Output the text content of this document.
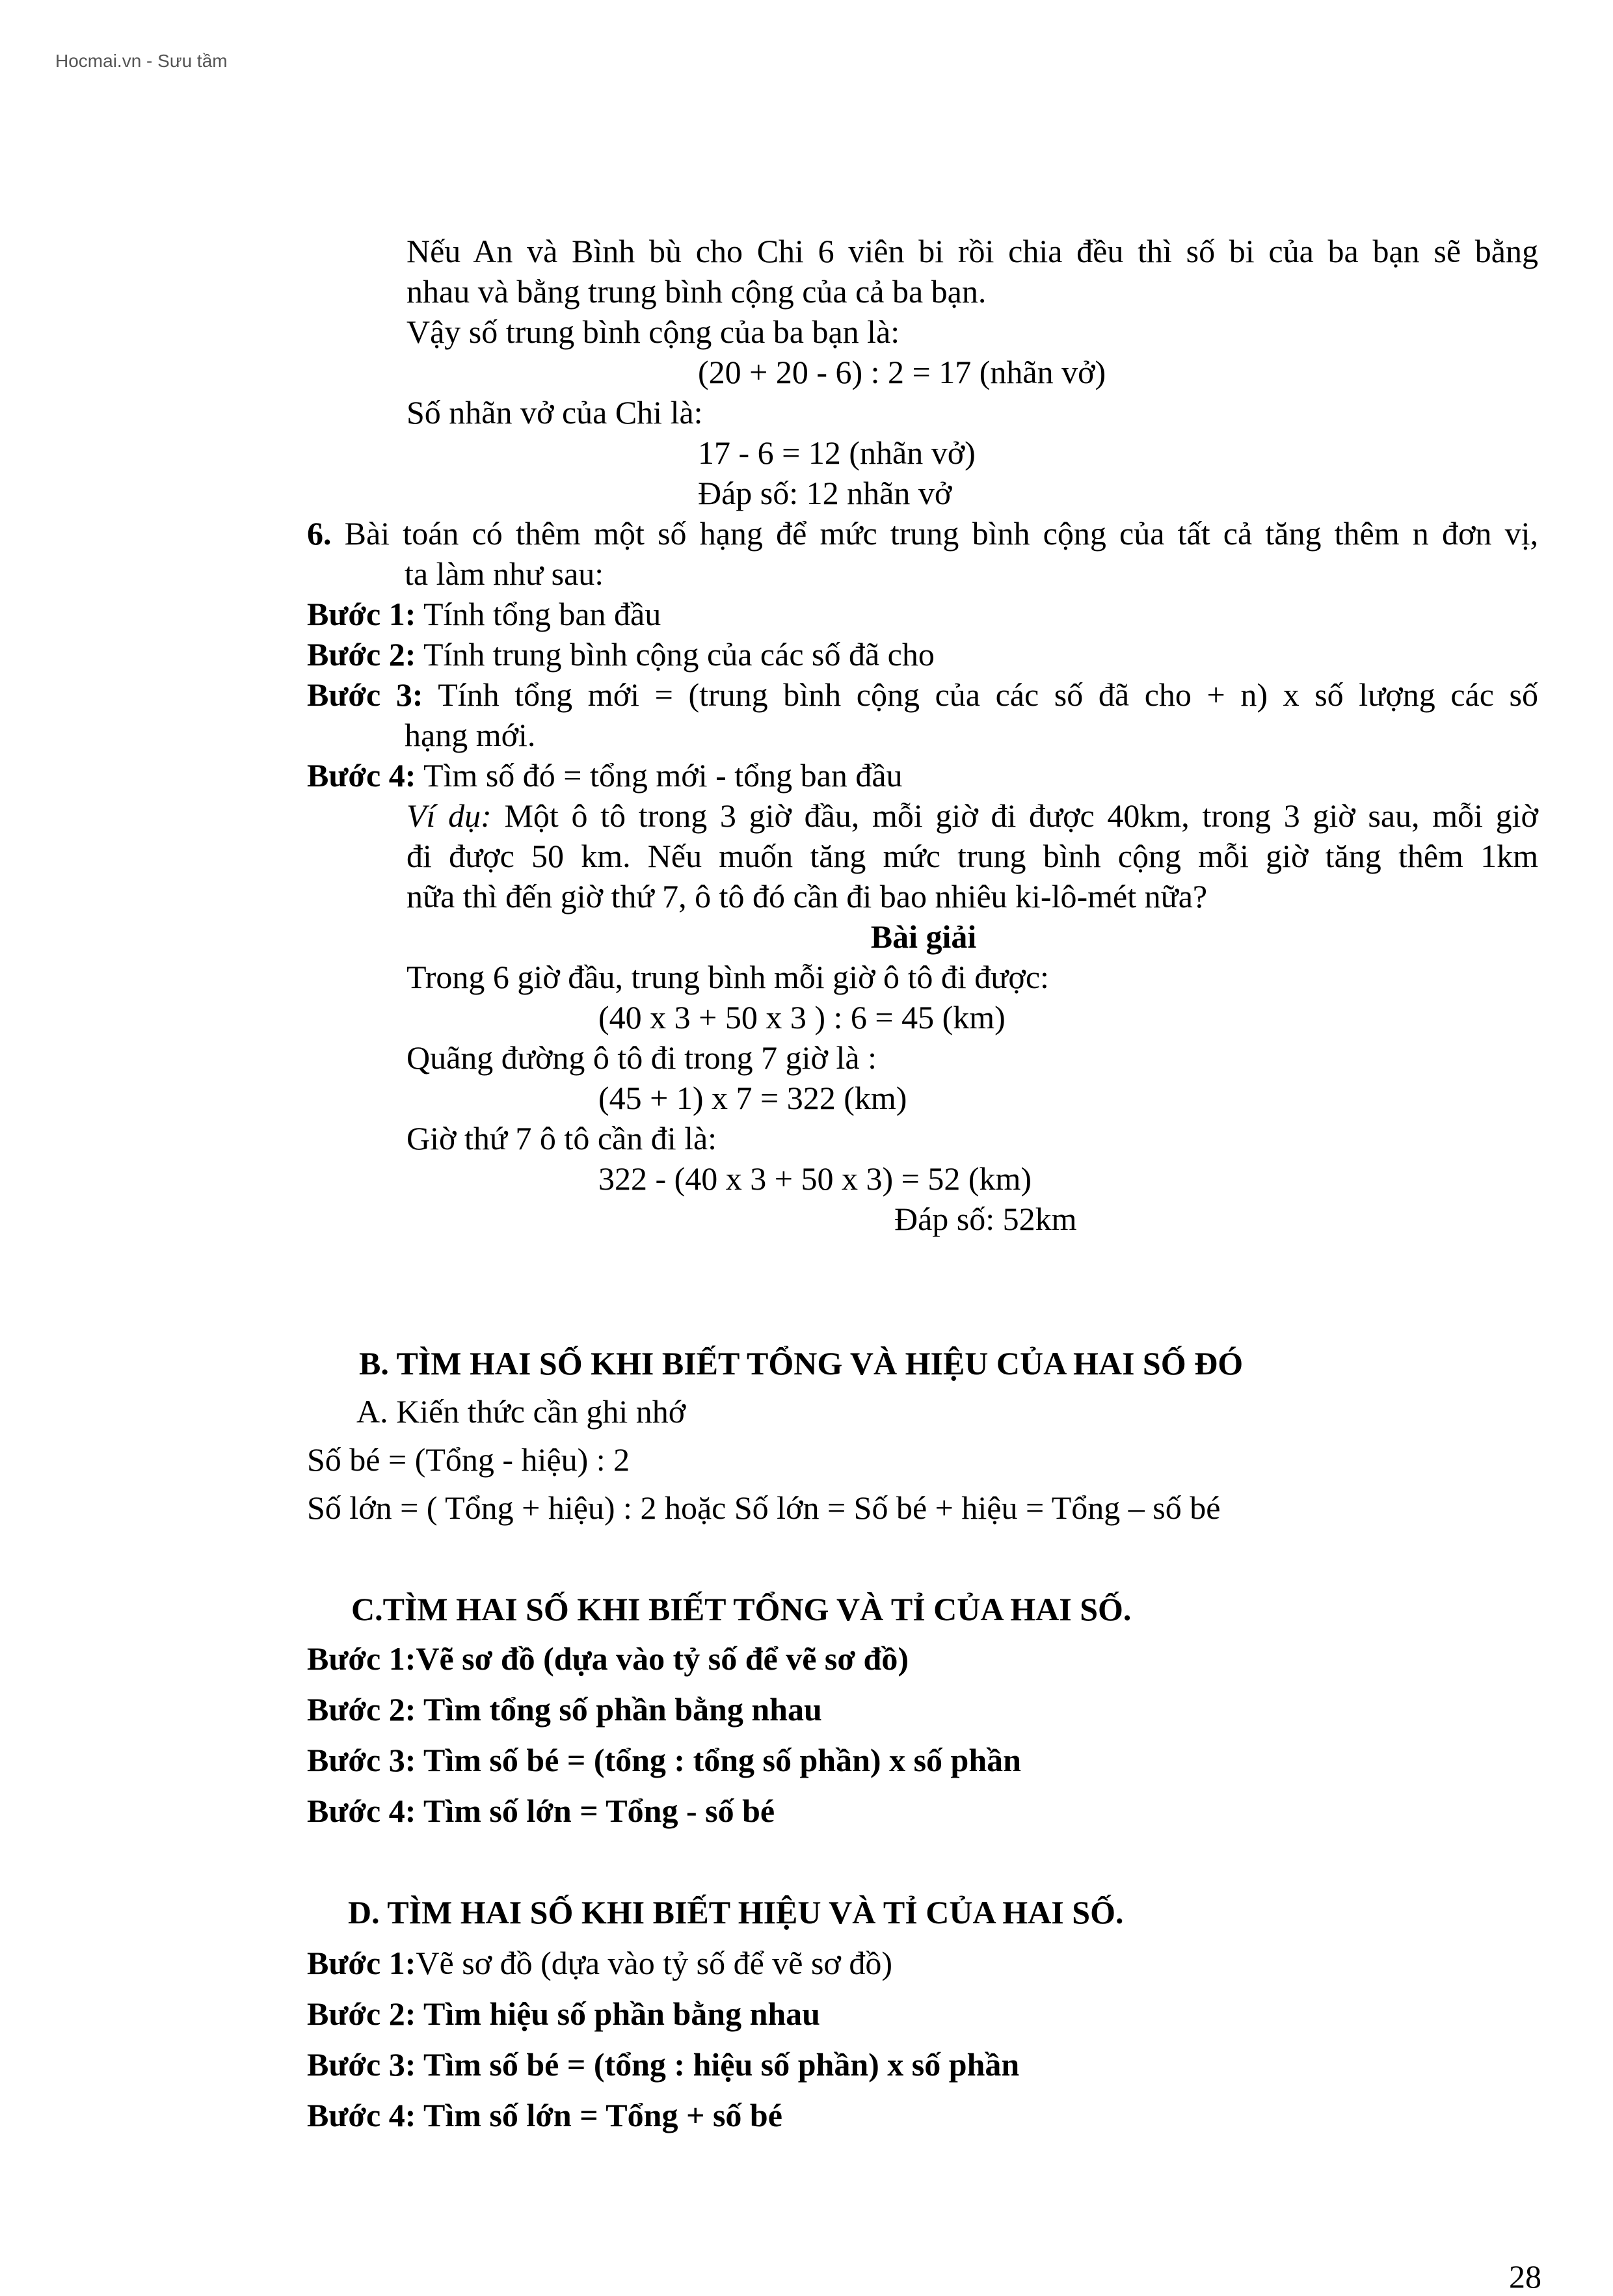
Hocmai.vn - Sưu tầm
Nếu An và Bình bù cho Chi 6 viên bi rồi chia đều thì số bi của ba bạn sẽ bằng
nhau và bằng trung bình cộng của cả ba bạn.
Vậy số trung bình cộng của ba bạn là:
(20 + 20 - 6) : 2 = 17 (nhãn vở)
Số nhãn vở của Chi là:
17 - 6 = 12 (nhãn vở)
Đáp số: 12 nhãn vở
6. Bài toán có thêm một số hạng để mức trung bình cộng của tất cả tăng thêm n đơn vị,
ta làm như sau:
Bước 1: Tính tổng ban đầu
Bước 2: Tính trung bình cộng của các số đã cho
Bước 3: Tính tổng mới = (trung bình cộng của các số đã cho + n) x số lượng các số
hạng mới.
Bước 4: Tìm số đó = tổng mới - tổng ban đầu
Ví dụ: Một ô tô trong 3 giờ đầu, mỗi giờ đi được 40km, trong 3 giờ sau, mỗi giờ
đi được 50 km. Nếu muốn tăng mức trung bình cộng mỗi giờ tăng thêm 1km
nữa thì đến giờ thứ 7, ô tô đó cần đi bao nhiêu ki-lô-mét nữa?
Bài giải
Trong 6 giờ đầu, trung bình mỗi giờ ô tô đi được:
(40 x 3 + 50 x 3 ) : 6 = 45 (km)
Quãng đường ô tô đi trong 7 giờ là :
(45 + 1) x 7 = 322 (km)
Giờ thứ 7 ô tô cần đi là:
322 - (40 x 3 + 50 x 3) = 52 (km)
Đáp số: 52km
B. TÌM HAI SỐ KHI BIẾT TỔNG VÀ HIỆU CỦA HAI SỐ ĐÓ
A. Kiến thức cần ghi nhớ
Số bé = (Tổng - hiệu) : 2
Số lớn = ( Tổng + hiệu) : 2 hoặc Số lớn = Số bé + hiệu = Tổng – số bé
C.TÌM HAI SỐ KHI BIẾT TỔNG VÀ TỈ CỦA HAI SỐ.
Bước 1:Vẽ sơ đồ (dựa vào tỷ số để vẽ sơ đồ)
Bước 2: Tìm tổng số phần bằng nhau
Bước 3: Tìm số bé = (tổng : tổng số phần) x số phần
Bước 4: Tìm số lớn = Tổng - số bé
D. TÌM HAI SỐ KHI BIẾT HIỆU VÀ TỈ CỦA HAI SỐ.
Bước 1:Vẽ sơ đồ (dựa vào tỷ số để vẽ sơ đồ)
Bước 2: Tìm hiệu số phần bằng nhau
Bước 3: Tìm số bé = (tổng : hiệu số phần) x số phần
Bước 4: Tìm số lớn = Tổng + số bé
28
